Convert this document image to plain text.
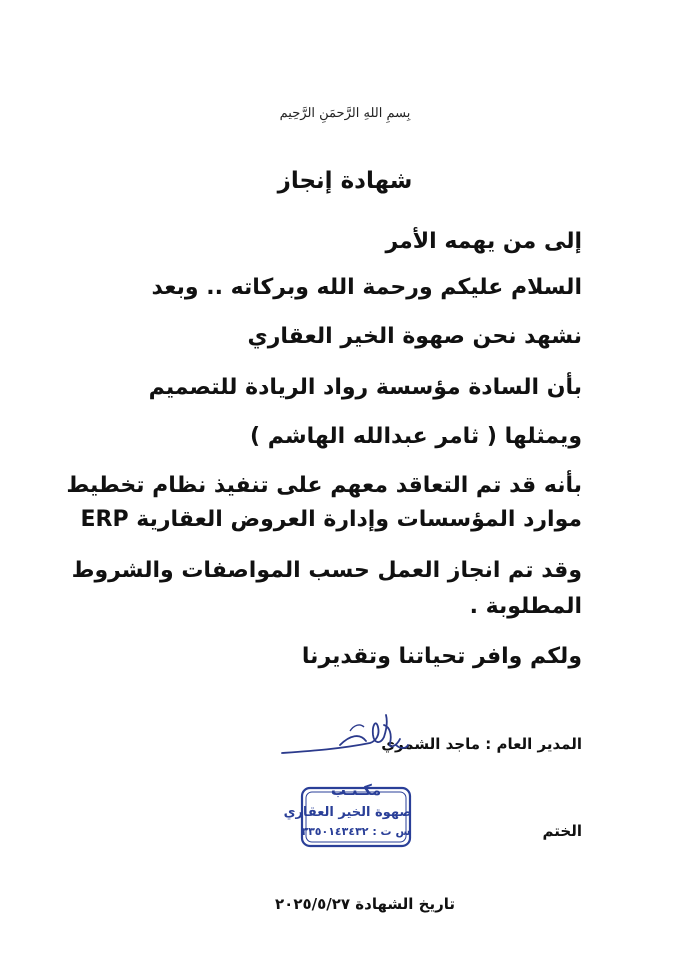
بِسمِ اللهِ الرَّحمَنِ الرَّحِيم
شهادة إنجاز
إلى من يهمه الأمر
السلام عليكم ورحمة الله وبركاته .. وبعد
نشهد نحن صهوة الخير العقاري
بأن السادة مؤسسة رواد الريادة للتصميم
ويمثلها ( ثامر عبدالله الهاشم )
بأنه قد تم التعاقد معهم على تنفيذ نظام تخطيط
موارد المؤسسات وإدارة العروض العقارية ERP
وقد تم انجاز العمل حسب المواصفات والشروط
المطلوبة .
ولكم وافر تحياتنا وتقديرنا
المدير العام : ماجد الشمري
الختم
مكـتـب
صهوة الخير العقاري
س ت : ٣٣٥٠١٤٣٤٣٢
تاريخ الشهادة ٢٠٢٥/٥/٢٧
